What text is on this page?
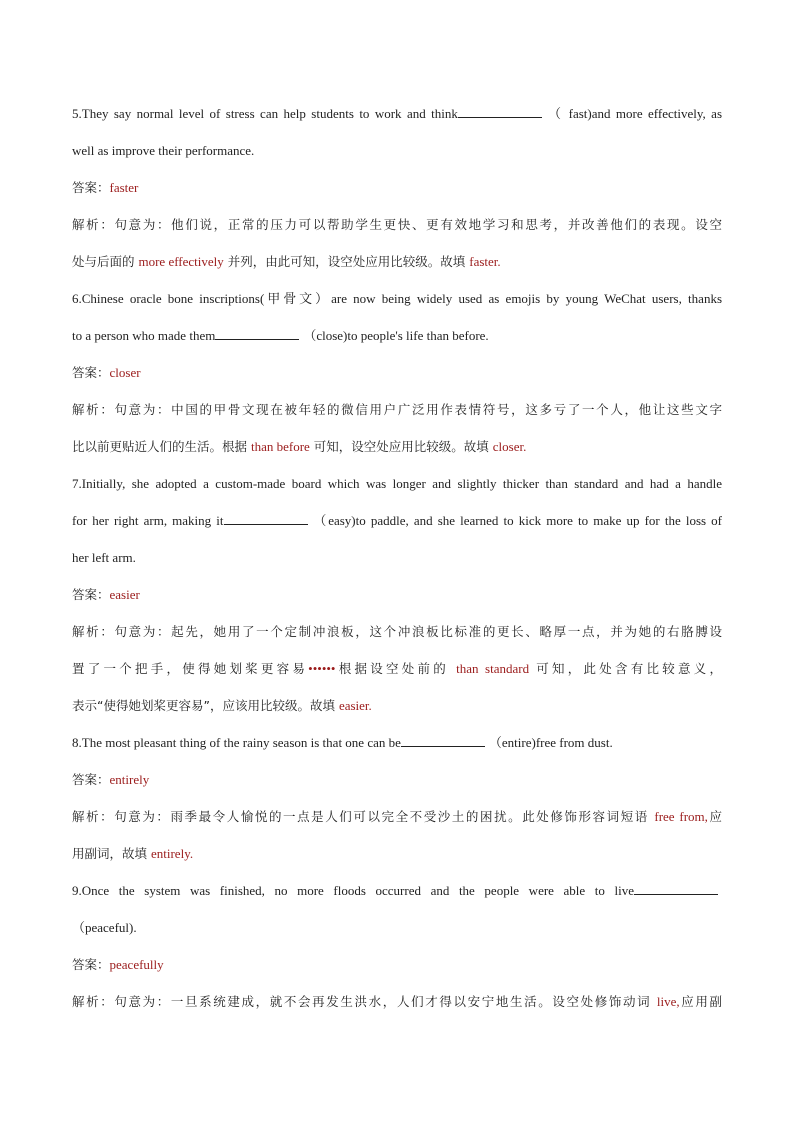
5.They say normal level of stress can help students to work and think	（ fast)and more effectively, as
well as improve their performance.
答案：faster
解析：句意为：他们说，正常的压力可以帮助学生更快、更有效地学习和思考，并改善他们的表现。设空
处与后面的 more effectively 并列，由此可知，设空处应用比较级。故填 faster.
6.Chinese oracle bone inscriptions(甲骨文）are now being widely used as emojis by young WeChat users, thanks
to a person who made them	（close)to people's life than before.
答案：closer
解析：句意为：中国的甲骨文现在被年轻的微信用户广泛用作表情符号，这多亏了一个人，他让这些文字
比以前更贴近人们的生活。根据 than before 可知，设空处应用比较级。故填 closer.
7.Initially, she adopted a custom-made board which was longer and slightly thicker than standard and had a handle
for her right arm, making it	（easy)to paddle, and she learned to kick more to make up for the loss of
her left arm.
答案：easier
解析：句意为：起先，她用了一个定制冲浪板，这个冲浪板比标准的更长、略厚一点，并为她的右胳膊设
置了一个把手，使得她划桨更容易••••••根据设空处前的 than standard 可知，此处含有比较意义，
表示“使得她划桨更容易”，应该用比较级。故填 easier.
8.The most pleasant thing of the rainy season is that one can be	（entire)free from dust.
答案：entirely
解析：句意为：雨季最令人愉悦的一点是人们可以完全不受沙土的困扰。此处修饰形容词短语 free from,应
用副词，故填 entirely.
9.Once the system was finished, no more floods occurred and the people were able to live
（peaceful).
答案：peacefully
解析：句意为：一旦系统建成，就不会再发生洪水，人们才得以安宁地生活。设空处修饰动词 live,应用副
